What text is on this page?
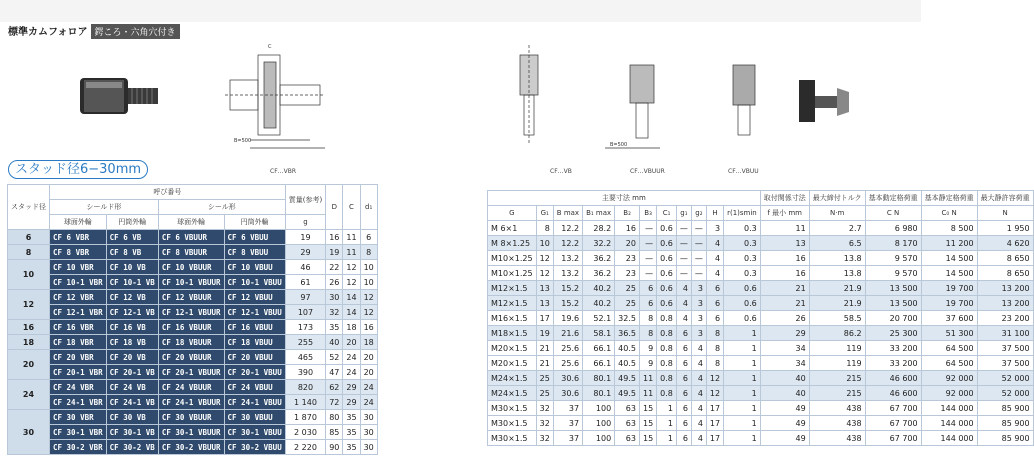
標準カムフォロア 鍔ころ・六角穴付き
B=500
C
CF…VBR
スタッド径6−30mm
B=500
CF…VB	CF…VBUUR	CF…VBUU
スタッド径	呼び番号				質量(参考)	D	C	d₁
	シールド形		シール形					
	球面外輪	円筒外輪	球面外輪	円筒外輪	g			
6	CF 6 VBR	CF 6 VB	CF 6 VBUUR	CF 6 VBUU	19	16	11	6
8	CF 8 VBR	CF 8 VB	CF 8 VBUUR	CF 8 VBUU	29	19	11	8
10	CF 10 VBR	CF 10 VB	CF 10 VBUUR	CF 10 VBUU	46	22	12	10
	CF 10-1 VBR	CF 10-1 VB	CF 10-1 VBUUR	CF 10-1 VBUU	61	26	12	10
12	CF 12 VBR	CF 12 VB	CF 12 VBUUR	CF 12 VBUU	97	30	14	12
	CF 12-1 VBR	CF 12-1 VB	CF 12-1 VBUUR	CF 12-1 VBUU	107	32	14	12
16	CF 16 VBR	CF 16 VB	CF 16 VBUUR	CF 16 VBUU	173	35	18	16
18	CF 18 VBR	CF 18 VB	CF 18 VBUUR	CF 18 VBUU	255	40	20	18
20	CF 20 VBR	CF 20 VB	CF 20 VBUUR	CF 20 VBUU	465	52	24	20
	CF 20-1 VBR	CF 20-1 VB	CF 20-1 VBUUR	CF 20-1 VBUU	390	47	24	20
24	CF 24 VBR	CF 24 VB	CF 24 VBUUR	CF 24 VBUU	820	62	29	24
	CF 24-1 VBR	CF 24-1 VB	CF 24-1 VBUUR	CF 24-1 VBUU	1 140	72	29	24
30	CF 30 VBR	CF 30 VB	CF 30 VBUUR	CF 30 VBUU	1 870	80	35	30
	CF 30-1 VBR	CF 30-1 VB	CF 30-1 VBUUR	CF 30-1 VBUU	2 030	85	35	30
	CF 30-2 VBR	CF 30-2 VB	CF 30-2 VBUUR	CF 30-2 VBUU	2 220	90	35	30
主要寸法 mm											取付関係寸法	最大締付トルク	基本動定格荷重	基本静定格荷重	最大静許容荷重
G	G₁	B max	B₁ max	B₂	B₃	C₁	g₁	g₂	H	r(1)smin	f 最小 mm	N·m	C N	C₀ N	N
M 6×1	8	12.2	28.2	16	—	0.6	—	—	3	0.3	11	2.7	6 980	8 500	1 950
M 8×1.25	10	12.2	32.2	20	—	0.6	—	—	4	0.3	13	6.5	8 170	11 200	4 620
M10×1.25	12	13.2	36.2	23	—	0.6	—	—	4	0.3	16	13.8	9 570	14 500	8 650
M10×1.25	12	13.2	36.2	23	—	0.6	—	—	4	0.3	16	13.8	9 570	14 500	8 650
M12×1.5	13	15.2	40.2	25	6	0.6	4	3	6	0.6	21	21.9	13 500	19 700	13 200
M12×1.5	13	15.2	40.2	25	6	0.6	4	3	6	0.6	21	21.9	13 500	19 700	13 200
M16×1.5	17	19.6	52.1	32.5	8	0.8	4	3	6	0.6	26	58.5	20 700	37 600	23 200
M18×1.5	19	21.6	58.1	36.5	8	0.8	6	3	8	1	29	86.2	25 300	51 300	31 100
M20×1.5	21	25.6	66.1	40.5	9	0.8	6	4	8	1	34	119	33 200	64 500	37 500
M20×1.5	21	25.6	66.1	40.5	9	0.8	6	4	8	1	34	119	33 200	64 500	37 500
M24×1.5	25	30.6	80.1	49.5	11	0.8	6	4	12	1	40	215	46 600	92 000	52 000
M24×1.5	25	30.6	80.1	49.5	11	0.8	6	4	12	1	40	215	46 600	92 000	52 000
M30×1.5	32	37	100	63	15	1	6	4	17	1	49	438	67 700	144 000	85 900
M30×1.5	32	37	100	63	15	1	6	4	17	1	49	438	67 700	144 000	85 900
M30×1.5	32	37	100	63	15	1	6	4	17	1	49	438	67 700	144 000	85 900
